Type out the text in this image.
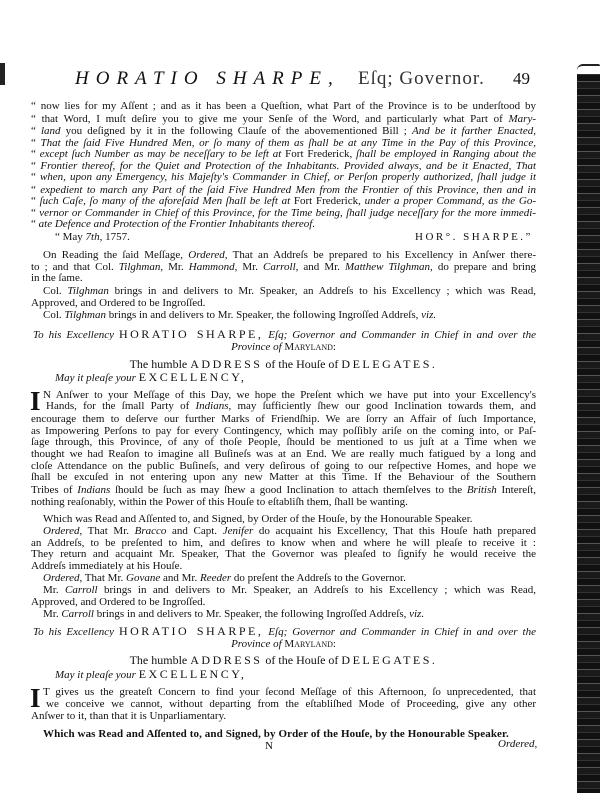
HORATIO SHARPE, Eſq; Governor. 49
“ now lies for my Aſſent ; and as it has been a Queſtion, what Part of the Province is to be underſtood by
“ that Word, I muſt deſire you to give me your Senſe of the Word, and particularly what Part of Mary-
“ land you deſigned by it in the following Clauſe of the abovementioned Bill ; And be it farther Enacted,
“ That the ſaid Five Hundred Men, or ſo many of them as ſhall be at any Time in the Pay of this Province,
“ except ſuch Number as may be neceſſary to be left at Fort Frederick, ſhall be employed in Ranging about the
“ Frontier thereof, for the Quiet and Protection of the Inhabitants. Provided always, and be it Enacted, That
“ when, upon any Emergency, his Majeſty's Commander in Chief, or Perſon properly authorized, ſhall judge it
“ expedient to march any Part of the ſaid Five Hundred Men from the Frontier of this Province, then and in
“ ſuch Caſe, ſo many of the aforeſaid Men ſhall be left at Fort Frederick, under a proper Command, as the Go-
“ vernor or Commander in Chief of this Province, for the Time being, ſhall judge neceſſary for the more immedi-
“ ate Defence and Protection of the Frontier Inhabitants thereof.
“ May 7th, 1757.	HOR°. SHARPE.”
On Reading the ſaid Meſſage, Ordered, That an Addreſs be prepared to his Excellency in Anſwer there-
to ; and that Col. Tilghman, Mr. Hammond, Mr. Carroll, and Mr. Matthew Tilghman, do prepare and bring
in the ſame.
Col. Tilghman brings in and delivers to Mr. Speaker, an Addreſs to his Excellency ; which was Read,
Approved, and Ordered to be Ingroſſed.
Col. Tilghman brings in and delivers to Mr. Speaker, the following Ingroſſed Addreſs, viz.
To his Excellency HORATIO SHARPE, Eſq; Governor and Commander in Chief in and over the
Province of Maryland:
The humble ADDRESS of the Houſe of DELEGATES.
May it pleaſe your EXCELLENCY,
I N Anſwer to your Meſſage of this Day, we hope the Preſent which we have put into your Excellency's
Hands, for the ſmall Party of Indians, may ſufficiently ſhew our good Inclination towards them, and
encourage them to deſerve our further Marks of Friendſhip. We are ſorry an Affair of ſuch Importance,
as Impowering Perſons to pay for every Contingency, which may poſſibly ariſe on the coming into, or Paſ-
ſage through, this Province, of any of thoſe People, ſhould be mentioned to us juſt at a Time when we
thought we had Reaſon to imagine all Buſineſs was at an End. We are really much fatigued by a long and
cloſe Attendance on the public Buſineſs, and very deſirous of going to our reſpective Homes, and hope we
ſhall be excuſed in not entering upon any new Matter at this Time. If the Behaviour of the Southern
Tribes of Indians ſhould be ſuch as may ſhew a good Inclination to attach themſelves to the British Intereſt,
nothing reaſonably, within the Power of this Houſe to eſtabliſh them, ſhall be wanting.
Which was Read and Aſſented to, and Signed, by Order of the Houſe, by the Honourable Speaker.
Ordered, That Mr. Bracco and Capt. Jenifer do acquaint his Excellency, That this Houſe hath prepared
an Addreſs, to be preſented to him, and deſires to know when and where he will pleaſe to receive it :
They return and acquaint Mr. Speaker, That the Governor was pleaſed to ſignify he would receive the
Addreſs immediately at his Houſe.
Ordered, That Mr. Govane and Mr. Reeder do preſent the Addreſs to the Governor.
Mr. Carroll brings in and delivers to Mr. Speaker, an Addreſs to his Excellency ; which was Read,
Approved, and Ordered to be Ingroſſed.
Mr. Carroll brings in and delivers to Mr. Speaker, the following Ingroſſed Addreſs, viz.
To his Excellency HORATIO SHARPE, Eſq; Governor and Commander in Chief in and over the
Province of Maryland:
The humble ADDRESS of the Houſe of DELEGATES.
May it pleaſe your EXCELLENCY,
I T gives us the greateſt Concern to find your ſecond Meſſage of this Afternoon, ſo unprecedented, that
we conceive we cannot, without departing from the eſtabliſhed Mode of Proceeding, give any other
Anſwer to it, than that it is Unparliamentary.
Which was Read and Aſſented to, and Signed, by Order of the Houſe, by the Honourable Speaker.
N	Ordered,
